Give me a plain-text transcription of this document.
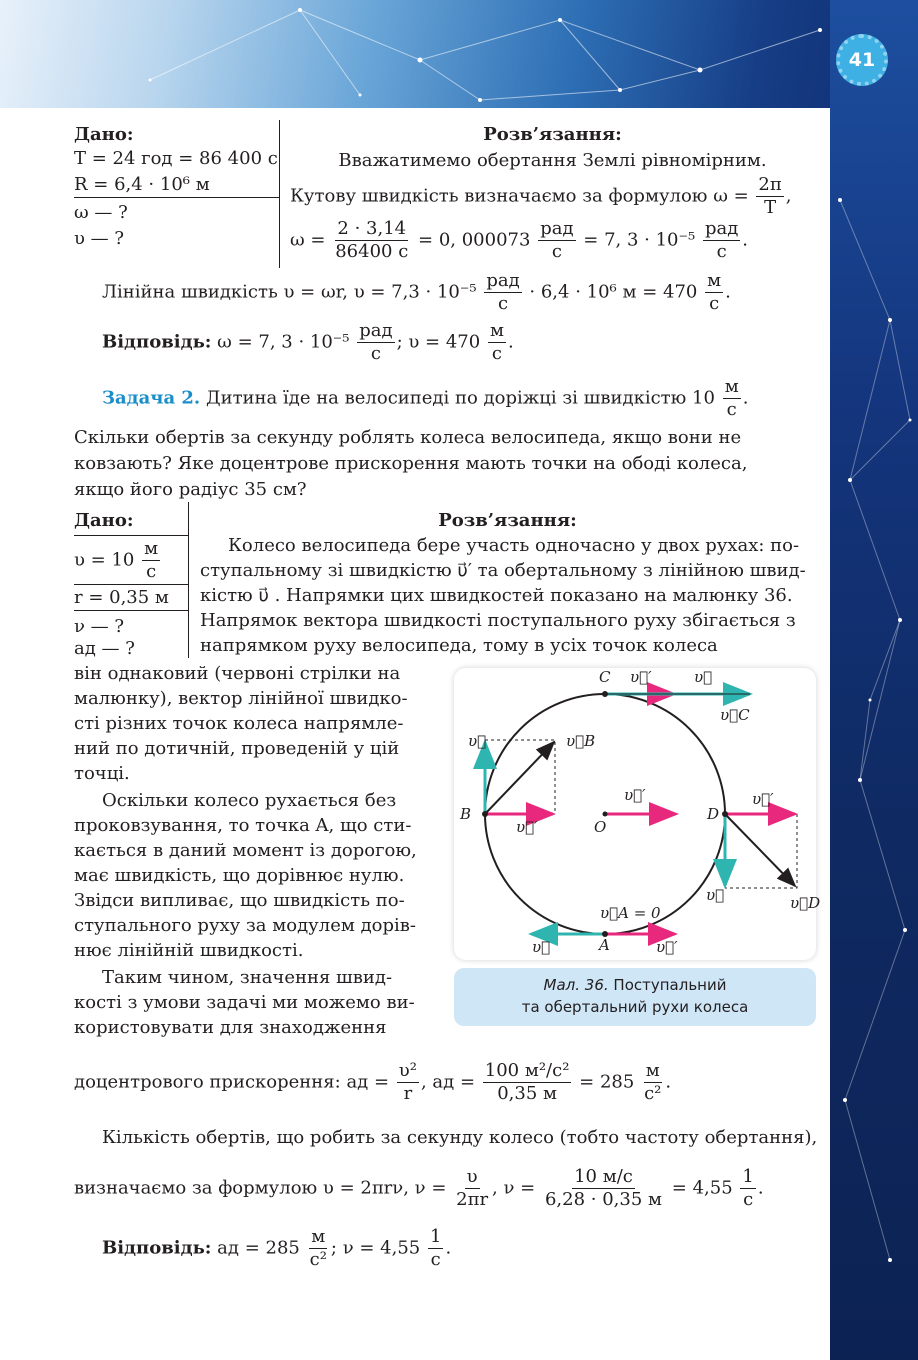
41
Дано:
T = 24 год = 86 400 с
R = 6,4 · 10⁶ м
ω — ?
υ — ?
Розв’язання:
Вважатимемо обертання Землі рівномірним.
Кутову швидкість визначаємо за формулою $\omega = \frac{2\pi}{T}$ ,
$\omega = \frac{2 \cdot 3,14}{86400 с} = 0$, $000073 \frac{\text{рад}}{с} = 7$, $3 \cdot 10^{-5} \frac{\text{рад}}{с}$ .
Лінійна швидкість υ = ωr, $\upsilon = 7,3 \cdot 10^{-5} \frac{\text{рад}}{с} \cdot 6,4 \cdot 10^6$ $м = 470 \frac{м}{с}$ .
Відповідь: ω = 7, $3 \cdot 10^{-5} \frac{\text{рад}}{с}$ ; $\upsilon = 470 \frac{м}{с}$ .
Задача 2. Дитина їде на велосипеді по доріжці зі швидкістю $10 \frac{м}{с}$ .
Скільки обертів за секунду роблять колеса велосипеда, якщо вони не
ковзають? Яке доцентрове прискорення мають точки на ободі колеса,
якщо його радіус 35 см?
Дано:
$\upsilon = 10 \frac{м}{с}$
r = 0,35 м
ν — ?
aд — ?
Розв’язання:
Колесо велосипеда бере участь одночасно у двох рухах: по-
ступальному зі швидкістю υ⃗′ та обертальному з лінійною швид-
кістю υ⃗ . Напрямки цих швидкостей показано на малюнку 36.
Напрямок вектора швидкості поступального руху збігається з
напрямком руху велосипеда, тому в усіх точок колеса
він однаковий (червоні стрілки на
малюнку), вектор лінійної швидко-
сті різних точок колеса напрямле-
ний по дотичній, проведеній у цій
точці.
Оскільки колесо рухається без
проковзування, то точка A, що сти-
кається в даний момент із дорогою,
має швидкість, що дорівнює нулю.
Звідси випливає, що швидкість по-
ступального руху за модулем дорів-
нює лінійній швидкості.
Таким чином, значення швид-
кості з умови задачі ми можемо ви-
користовувати для знаходження
C υ⃗′	υ⃗
υ⃗C
υ⃗	υ⃗B
B
υ⃗′
υ⃗′
O
D
υ⃗′
υ⃗	υ⃗D
υ⃗A = 0
υ⃗	A	υ⃗′
Мал. 36. Поступальний
та обертальний рухи колеса
доцентрового прискорення: aд = $\frac{\text{υ²}}{r}$ , aд = $\frac{\text{100 м²/с²}}{0,35 м} = 285 \frac{м}{\text{с²}}$ .
Кількість обертів, що робить за секунду колесо (тобто частоту обертання),
визначаємо за формулою υ = 2πrν, $\nu = \frac{\upsilon}{2\pi r}$ , $\nu = \frac{10 м/с}{6,28 \cdot 0,35 м} = 4,55 \frac{1}{с}$ .
Відповідь: aд = $285 \frac{м}{\text{с²}}$ ; $\nu = 4,55 \frac{1}{с}$ .
